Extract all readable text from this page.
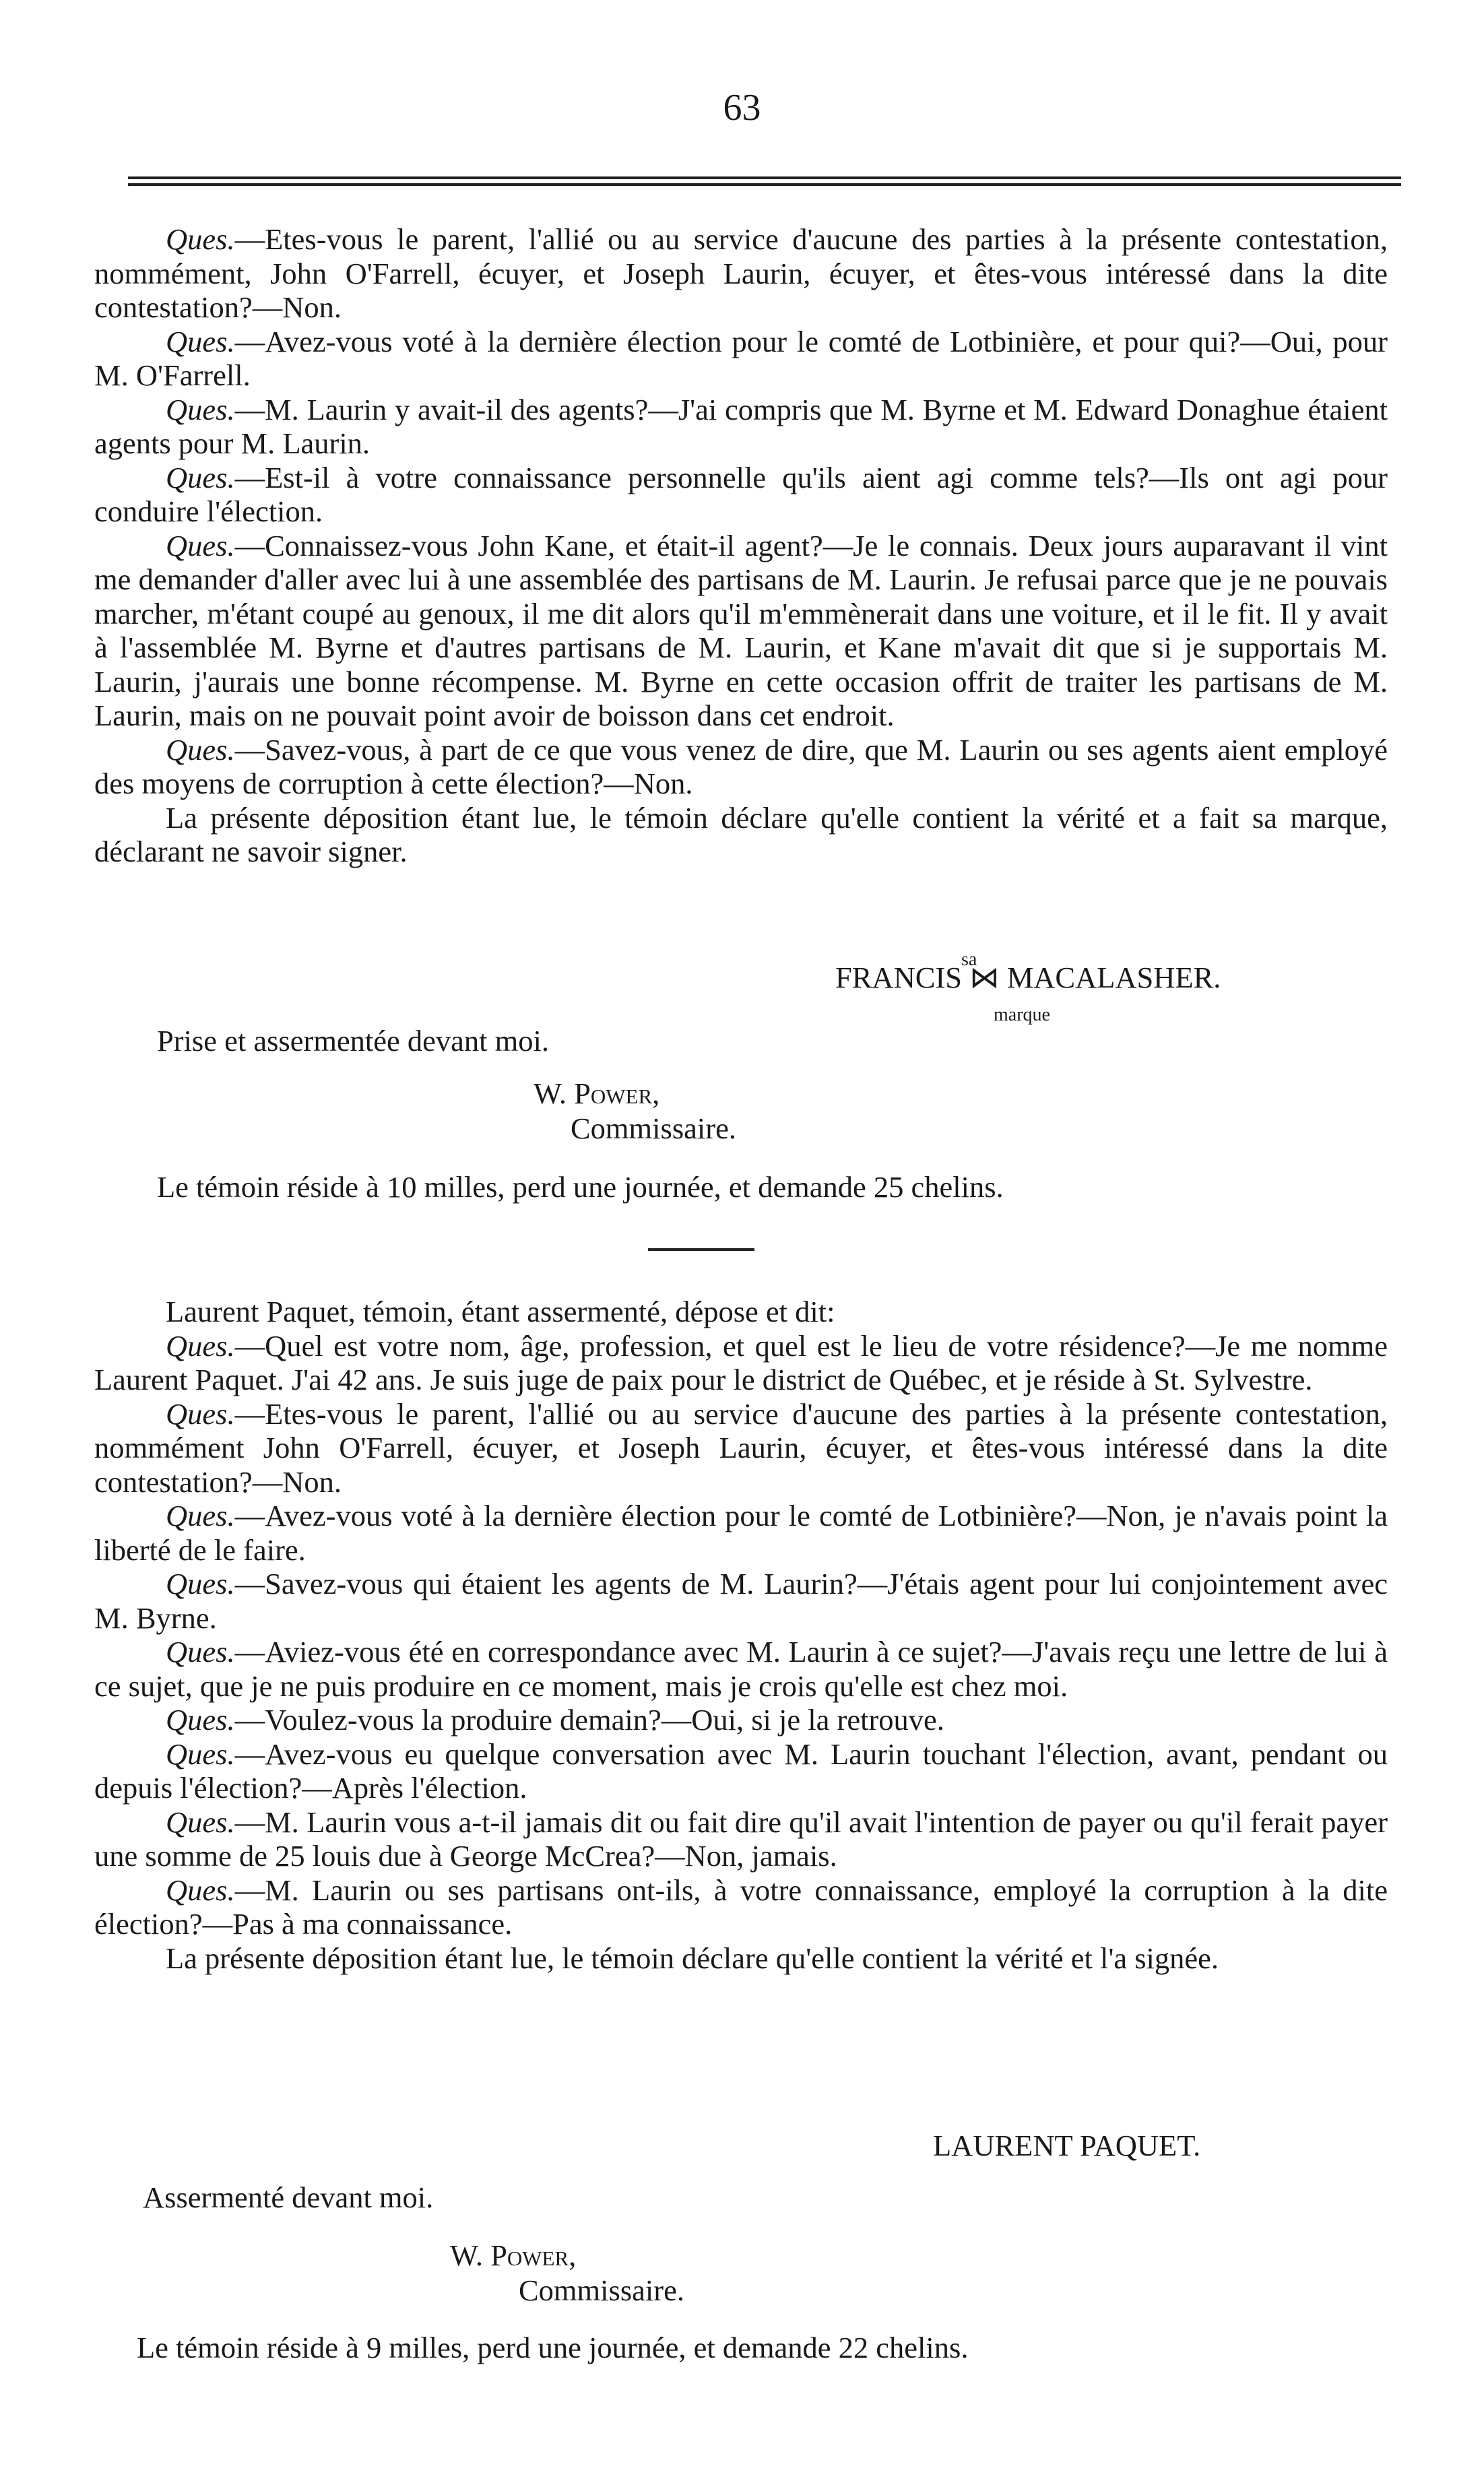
63

Ques.—Etes-vous le parent, l'allié ou au service d'aucune des parties à la présente contestation, nommément, John O'Farrell, écuyer, et Joseph Laurin, écuyer, et êtes-vous intéressé dans la dite contestation?—Non.

Ques.—Avez-vous voté à la dernière élection pour le comté de Lotbinière, et pour qui?—Oui, pour M. O'Farrell.

Ques.—M. Laurin y avait-il des agents?—J'ai compris que M. Byrne et M. Edward Donaghue étaient agents pour M. Laurin.

Ques.—Est-il à votre connaissance personnelle qu'ils aient agi comme tels?—Ils ont agi pour conduire l'élection.

Ques.—Connaissez-vous John Kane, et était-il agent?—Je le connais. Deux jours auparavant il vint me demander d'aller avec lui à une assemblée des partisans de M. Laurin. Je refusai parce que je ne pouvais marcher, m'étant coupé au genoux, il me dit alors qu'il m'emmènerait dans une voiture, et il le fit. Il y avait à l'assemblée M. Byrne et d'autres partisans de M. Laurin, et Kane m'avait dit que si je supportais M. Laurin, j'aurais une bonne récompense. M. Byrne en cette occasion offrit de traiter les partisans de M. Laurin, mais on ne pouvait point avoir de boisson dans cet endroit.

Ques.—Savez-vous, à part de ce que vous venez de dire, que M. Laurin ou ses agents aient employé des moyens de corruption à cette élection?—Non.

La présente déposition étant lue, le témoin déclare qu'elle contient la vérité et a fait sa marque, déclarant ne savoir signer.

sa
FRANCIS ⋈ MACALASHER.
marque
Prise et assermentée devant moi.
W. Power,
Commissaire.
Le témoin réside à 10 milles, perd une journée, et demande 25 chelins.

Laurent Paquet, témoin, étant assermenté, dépose et dit:

Ques.—Quel est votre nom, âge, profession, et quel est le lieu de votre résidence?—Je me nomme Laurent Paquet. J'ai 42 ans. Je suis juge de paix pour le district de Québec, et je réside à St. Sylvestre.

Ques.—Etes-vous le parent, l'allié ou au service d'aucune des parties à la présente contestation, nommément John O'Farrell, écuyer, et Joseph Laurin, écuyer, et êtes-vous intéressé dans la dite contestation?—Non.

Ques.—Avez-vous voté à la dernière élection pour le comté de Lotbinière?—Non, je n'avais point la liberté de le faire.

Ques.—Savez-vous qui étaient les agents de M. Laurin?—J'étais agent pour lui conjointement avec M. Byrne.

Ques.—Aviez-vous été en correspondance avec M. Laurin à ce sujet?—J'avais reçu une lettre de lui à ce sujet, que je ne puis produire en ce moment, mais je crois qu'elle est chez moi.

Ques.—Voulez-vous la produire demain?—Oui, si je la retrouve.

Ques.—Avez-vous eu quelque conversation avec M. Laurin touchant l'élection, avant, pendant ou depuis l'élection?—Après l'élection.

Ques.—M. Laurin vous a-t-il jamais dit ou fait dire qu'il avait l'intention de payer ou qu'il ferait payer une somme de 25 louis due à George McCrea?—Non, jamais.

Ques.—M. Laurin ou ses partisans ont-ils, à votre connaissance, employé la corruption à la dite élection?—Pas à ma connaissance.

La présente déposition étant lue, le témoin déclare qu'elle contient la vérité et l'a signée.

LAURENT PAQUET.
Assermenté devant moi.
W. Power,
Commissaire.
Le témoin réside à 9 milles, perd une journée, et demande 22 chelins.
